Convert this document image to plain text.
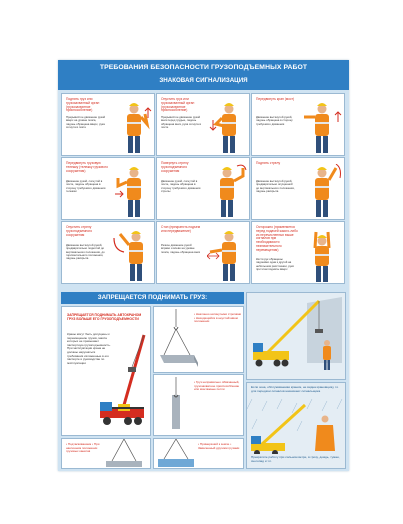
ТРЕБОВАНИЯ БЕЗОПАСНОСТИ ГРУЗОПОДЪЕМНЫХ РАБОТ
ЗНАКОВАЯ СИГНАЛИЗАЦИЯ
Поднять груз или грузозахватный орган (грузозахватное приспособление)
Прерывистое движение рукой вверх на уровне пояса, ладонь обращена вверх, рука согнута в локте
Опустить груз или грузозахватный орган (грузозахватное приспособление)
Прерывистое движение рукой вниз перед грудью, ладонь обращена вниз, рука согнута в локте
Передвинуть кран (мост)
Движение вытянутой рукой, ладонь обращена в сторону требуемого движения
Передвинуть грузовую тележку (тележку грузового сооружения)
Движение рукой, согнутой в локте, ладонь обращена в сторону требуемого движения тележки
Повернуть стрелу грузоподъемного сооружения
Движение рукой, согнутой в локте, ладонь обращена в сторону требуемого движения стрелы
Поднять стрелу
Движение вытянутой рукой, предварительно опущенной до вертикального положения, ладонь раскрыта
Опустить стрелу грузоподъемного сооружения
Движение вытянутой рукой, предварительно поднятой до вертикального положения, до горизонтального положения, ладонь раскрыта
Стоп (прекратить подъем или передвижение)
Резкое движение рукой вправо и влево на уровне пояса, ладонь обращена вниз
Осторожно (применяется перед подачей какого-либо из перечисленных выше сигналов при необходимости незначительного перемещения)
Кисти рук обращены ладонями одна к другой на небольшом расстоянии, руки при этом подняты вверх
ЗАПРЕЩАЕТСЯ ПОДНИМАТЬ ГРУЗ:
ЗАПРЕЩАЕТСЯ ПОДНИМАТЬ АВТОКРАНОМ ГРУЗ БОЛЬШЕ ЕГО ГРУЗОПОДЪЕМНОСТИ
Краны могут быть допущены к перемещению грузов, масса которых не превышает паспортную грузоподъемность. При эксплуатации крана не должны нарушаться требования изложенные в его паспорте и руководстве по эксплуатации
• Наклонно натянутыми стропами • Находящийся в неустойчивом положении
• Груз неправильно обвязанный, грузозахватное приспособление или монтажные петли
• Примерзший к земле • Заваленный другими грузами
• Подтаскиванием • При наклонном положении грузовых канатов
Если зона, обслуживаемая краном, не видна крановщику, то для передачи сигналов назначают сигнальщика
Прекратите работу при сильном ветре, в грозу, дождь, туман, снегопад и т.п.
